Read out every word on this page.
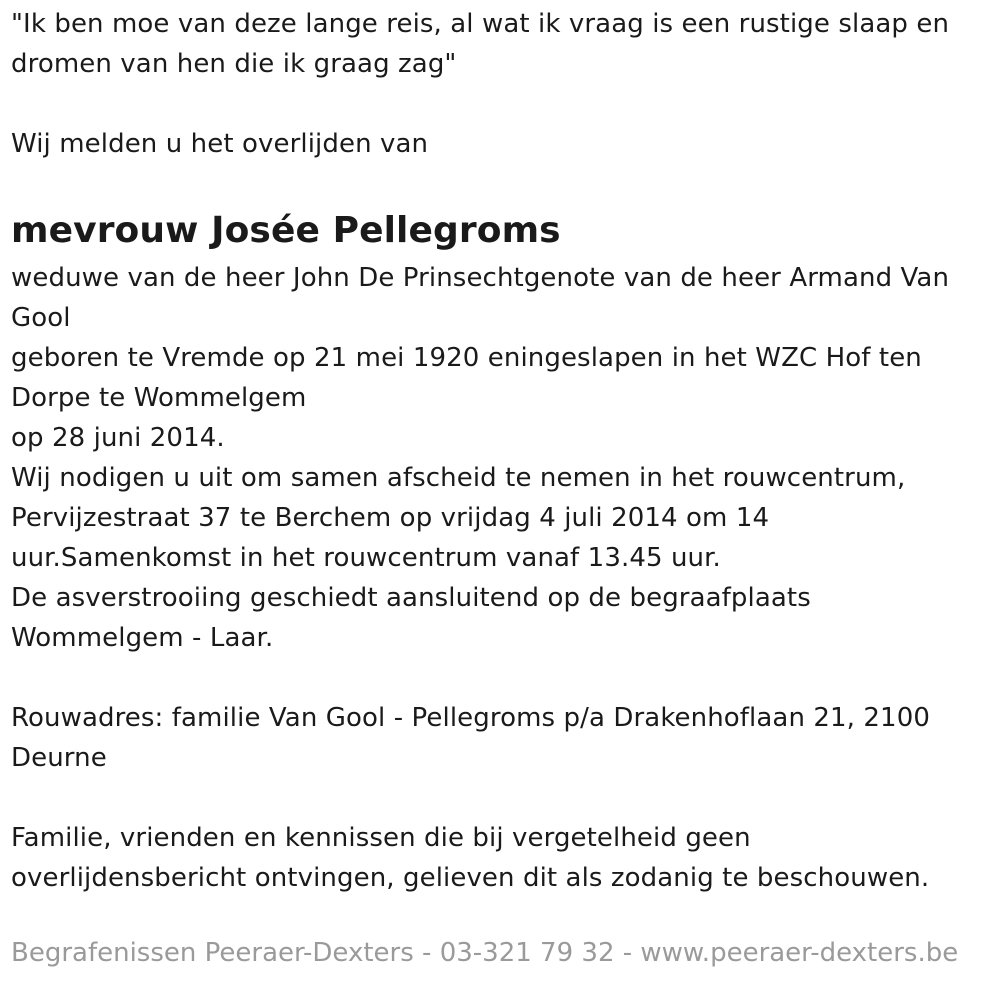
"Ik ben moe van deze lange reis, al wat ik vraag is een rustige slaap en

dromen van hen die ik graag zag"

Wij melden u het overlijden van

mevrouw Josée Pellegroms

weduwe van de heer John De Prinsechtgenote van de heer Armand Van

Gool

geboren te Vremde op 21 mei 1920 eningeslapen in het WZC Hof ten

Dorpe te Wommelgem

op 28 juni 2014.

Wij nodigen u uit om samen afscheid te nemen in het rouwcentrum,

Pervijzestraat 37 te Berchem op vrijdag 4 juli 2014 om 14

uur.Samenkomst in het rouwcentrum vanaf 13.45 uur.

De asverstrooiing geschiedt aansluitend op de begraafplaats

Wommelgem - Laar.

Rouwadres: familie Van Gool - Pellegroms p/a Drakenhoflaan 21, 2100

Deurne

Familie, vrienden en kennissen die bij vergetelheid geen

overlijdensbericht ontvingen, gelieven dit als zodanig te beschouwen.

Begrafenissen Peeraer-Dexters - 03-321 79 32 - www.peeraer-dexters.be
